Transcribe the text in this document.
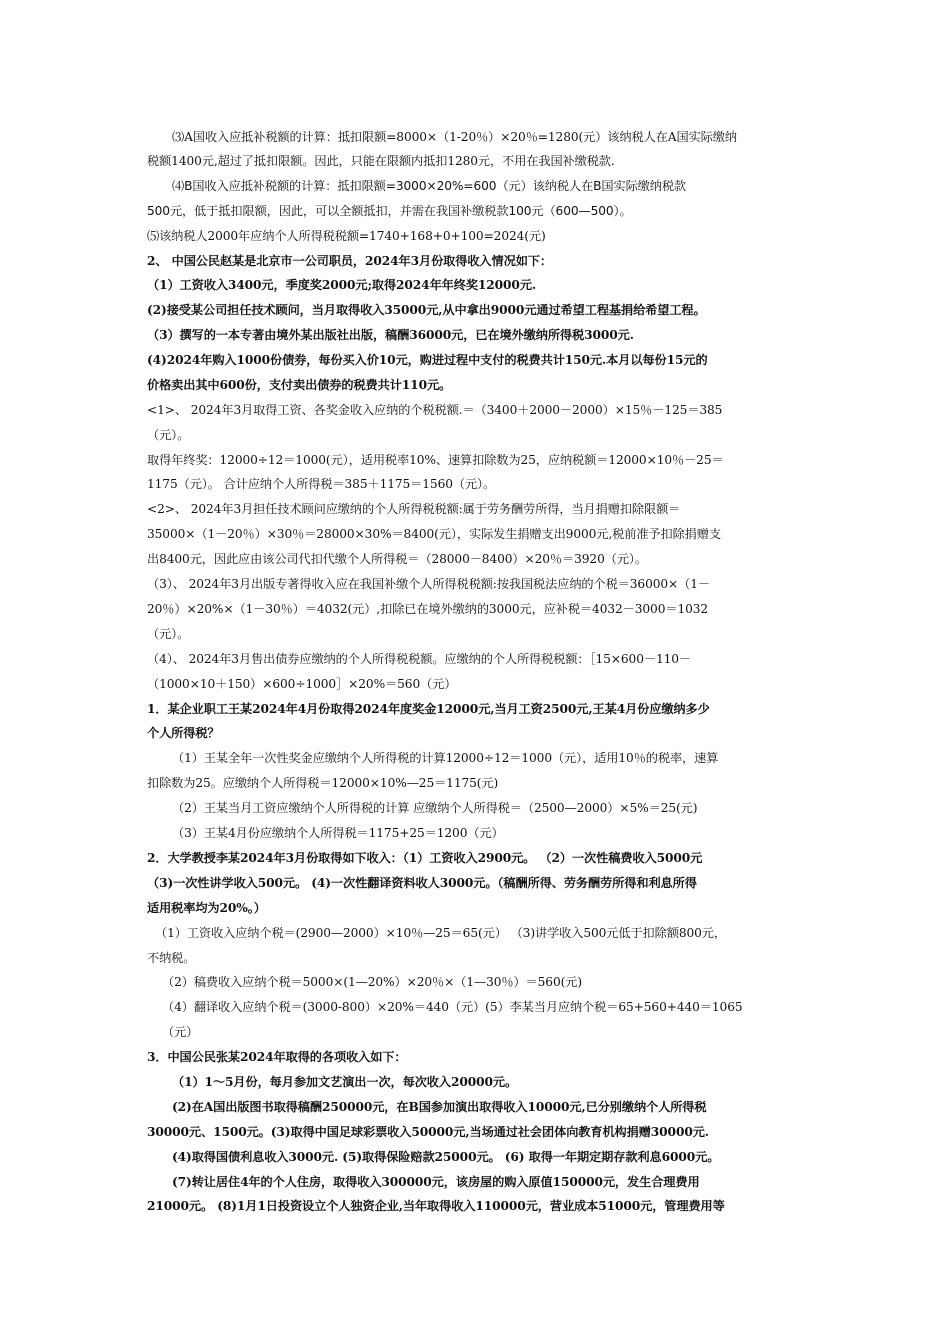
⑶A国收入应抵补税额的计算：抵扣限额=8000×（1-20％）×20％=1280(元）该纳税人在A国实际缴纳
税额1400元,超过了抵扣限额。因此，只能在限额内抵扣1280元，不用在我国补缴税款.
⑷B国收入应抵补税额的计算：抵扣限额=3000×20%=600（元）该纳税人在B国实际缴纳税款
500元，低于抵扣限额，因此，可以全额抵扣，并需在我国补缴税款100元（600—500）。
⑸该纳税人2000年应纳个人所得税税额=1740+168+0+100=2024(元)
2、 中国公民赵某是北京市一公司职员，2024年3月份取得收入情况如下：
（1）工资收入3400元，季度奖2000元;取得2024年年终奖12000元.
(2)接受某公司担任技术顾问，当月取得收入35000元,从中拿出9000元通过希望工程基捐给希望工程。
（3）撰写的一本专著由境外某出版社出版，稿酬36000元，已在境外缴纳所得税3000元.
(4)2024年购入1000份债券，每份买入价10元，购进过程中支付的税费共计150元.本月以每份15元的
价格卖出其中600份，支付卖出债券的税费共计110元。
<1>、 2024年3月取得工资、各奖金收入应纳的个税税额.＝（3400＋2000－2000）×15％－125＝385
（元）。
取得年终奖：12000÷12＝1000(元），适用税率10%、速算扣除数为25，应纳税额＝12000×10％－25＝
1175（元）。 合计应纳个人所得税＝385＋1175＝1560（元）。
<2>、 2024年3月担任技术顾问应缴纳的个人所得税税额:属于劳务酬劳所得，当月捐赠扣除限额＝
35000×（1－20％）×30％＝28000×30%＝8400(元），实际发生捐赠支出9000元,税前准予扣除捐赠支
出8400元，因此应由该公司代扣代缴个人所得税＝（28000－8400）×20％＝3920（元）。
（3）、 2024年3月出版专著得收入应在我国补缴个人所得税税额:按我国税法应纳的个税＝36000×（1－
20％）×20%×（1－30％）＝4032(元）,扣除已在境外缴纳的3000元，应补税＝4032－3000＝1032
（元）。
（4）、 2024年3月售出债券应缴纳的个人所得税税额。应缴纳的个人所得税税额：［15×600－110－
（1000×10＋150）×600÷1000］×20%＝560（元）
1．某企业职工王某2024年4月份取得2024年度奖金12000元,当月工资2500元,王某4月份应缴纳多少
个人所得税？
（1）王某全年一次性奖金应缴纳个人所得税的计算12000÷12＝1000（元），适用10％的税率，速算
扣除数为25。应缴纳个人所得税＝12000×10%—25＝1175(元)
（2）王某当月工资应缴纳个人所得税的计算 应缴纳个人所得税＝（2500—2000）×5%＝25(元)
（3）王某4月份应缴纳个人所得税＝1175+25＝1200（元）
2．大学教授李某2024年3月份取得如下收入：（1）工资收入2900元。 （2）一次性稿费收入5000元
（3)一次性讲学收入500元。 (4)一次性翻译资料收人3000元。（稿酬所得、劳务酬劳所得和利息所得
适用税率均为20%。）
（1）工资收入应纳个税＝(2900—2000）×10％—25＝65(元） （3)讲学收入500元低于扣除额800元，
不纳税。
（2）稿费收入应纳个税＝5000×(1—20%）×20％×（1—30％）＝560(元)
（4）翻译收入应纳个税＝(3000-800）×20%＝440（元）(5）李某当月应纳个税＝65+560+440＝1065
（元）
3．中国公民张某2024年取得的各项收入如下：
（1）1～5月份，每月参加文艺演出一次，每次收入20000元。
(2)在A国出版图书取得稿酬250000元，在B国参加演出取得收入10000元,已分别缴纳个人所得税
30000元、1500元。(3)取得中国足球彩票收入50000元,当场通过社会团体向教育机构捐赠30000元.
(4)取得国债利息收入3000元. (5)取得保险赔款25000元。 (6) 取得一年期定期存款利息6000元。
(7)转让居住4年的个人住房，取得收入300000元，该房屋的购入原值150000元，发生合理费用
21000元。 (8)1月1日投资设立个人独资企业,当年取得收入110000元，营业成本51000元，管理费用等
